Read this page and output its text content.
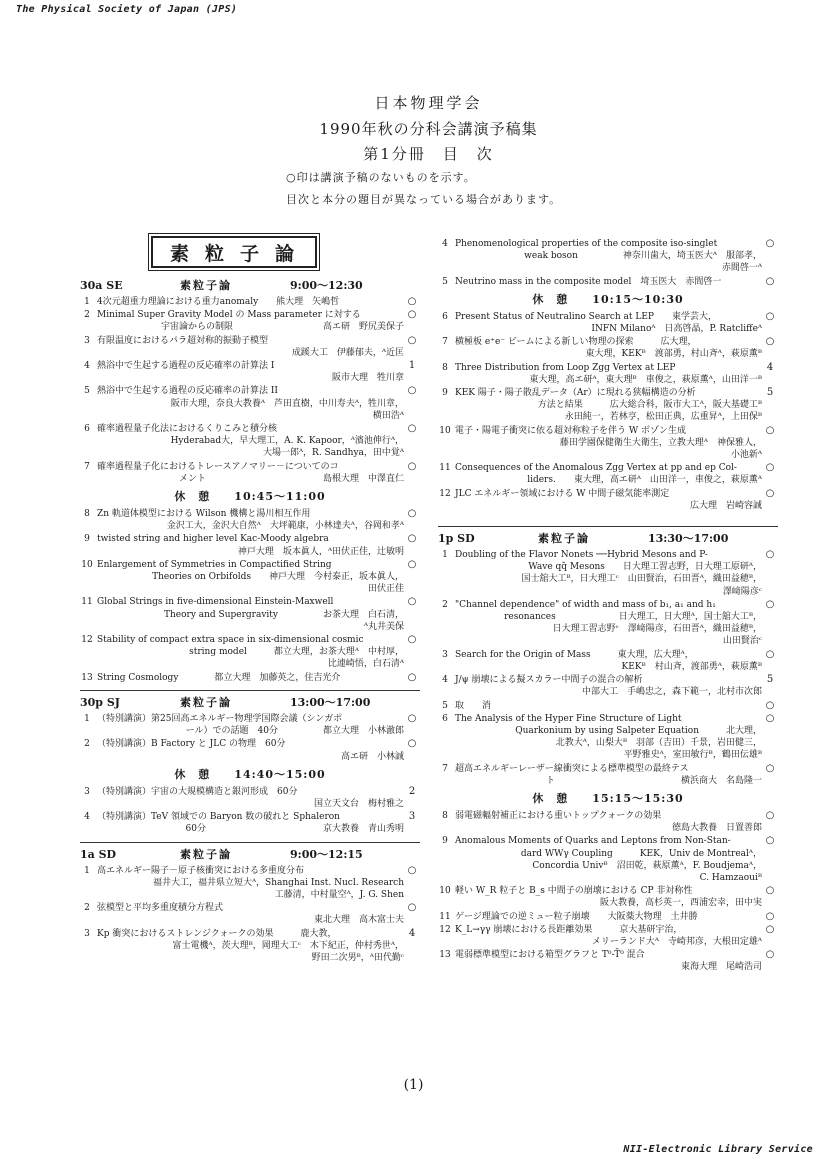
The Physical Society of Japan (JPS)
日本物理学会
1990年秋の分科会講演予稿集
第1分冊　目　次
○印は講演予稿のないものを示す。
目次と本分の題目が異なっている場合があります。
素粒子論
30a SE	素粒子論	9:00〜12:30
1 4次元超重力理論における重力anomaly　　熊大理　矢嶋哲	○
2 Minimal Super Gravity Model の Mass parameter に対する
宇宙論からの制限　　　　　　　　　　高エ研　野尻美保子
○
3 有限温度におけるパラ超対称的振動子模型
成蹊大工　伊藤郁夫，ᴬ近匡
○
4 熱浴中で生起する過程の反応確率の計算法 I
阪市大理　牲川章
1
5 熱浴中で生起する過程の反応確率の計算法 II
阪市大理，奈良大教養ᴬ　芦田直樹，中川寿夫ᴬ，牲川章，
横田浩ᴬ
○
6 確率過程量子化法におけるくりこみと積分核
Hyderabad大，早大理工，A. K. Kapoor，ᴬ濱池伸行ᴬ，
大場一郎ᴬ，R. Sandhya，田中覚ᴬ
○
7 確率過程量子化におけるトレースアノマリー－についてのコ
メント　　　　　　　　　　　　　島根大理　中澤直仁
○
休　憩　　10:45〜11:00
8 Zn 軌道体模型における Wilson 機構と湯川相互作用
金沢工大，金沢大自然ᴬ　大坪範康，小林達夫ᴬ，谷岡和孝ᴬ
○
9 twisted string and higher level Kac-Moody algebra
神戸大理　坂本眞人，ᴬ田伏正佳，辻敏明
○
10 Enlargement of Symmetries in Compactified String
Theories on Orbifolds　　神戸大理　今村泰正，坂本眞人，
田伏正佳
○
11 Global Strings in five-dimensional Einstein-Maxwell
Theory and Supergravity　　　　　お茶大理　白石清，
ᴬ丸井美保
○
12 Stability of compact extra space in six-dimensional cosmic
string model　　　都立大理，お茶大理ᴬ　中村厚，
比連崎悟，白石清ᴬ
○
13 String Cosmology　　　　都立大理　加藤英之，住吉光介	○
30p SJ	素粒子論	13:00〜17:00
1 （特別講演）第25回高エネルギー物理学国際会議（シンガポ
ール）での話題　40分　　　　　都立大理　小林澈郎
○
2 （特別講演）B Factory と JLC の物理　60分
高エ研　小林誠
○
休　憩　　14:40〜15:00
3 （特別講演）宇宙の大規模構造と銀河形成　60分
国立天文台　梅村雅之
2
4 （特別講演）TeV 領域での Baryon 数の破れと Sphaleron
60分　　　　　　　　　　　　　京大教養　青山秀明
3
1a SD	素粒子論	9:00〜12:15
1 高エネルギー陽子－原子核衝突における多重度分布
福井大工，福井県立短大ᴬ，Shanghai Inst. Nucl. Research
工藤清，中村量空ᴬ，J. G. Shen
○
2 弦模型と平均多重度積分方程式
東北大理　高木富士夫
○
3 Kp 衝突におけるストレンジクォークの効果　　　鹿大教，
富士電機ᴬ，茨大理ᴮ，岡理大工ᶜ　木下紀正，仲村秀世ᴬ，
野田二次男ᴮ，ᴬ田代勤ᶜ
4
4 Phenomenological properties of the composite iso-singlet
weak boson　　　　　神奈川歯大，埼玉医大ᴬ　服部孝，
赤間啓一ᴬ
○
5 Neutrino mass in the composite model　埼玉医大　赤間啓一	○
休　憩　　10:15〜10:30
6 Present Status of Neutralino Search at LEP　　東学芸大，
INFN Milanoᴬ　日高啓晶，P. Ratcliffeᴬ
○
7 横極板 e⁺e⁻ ビームによる新しい物理の探索　　　広大理，
東大理，KEKᴮ　渡部勇，村山斉ᴬ，萩原薫ᴮ
○
8 Three Distribution from Loop Zgg Vertex at LEP
東大理，高エ研ᴬ，東大理ᴮ　車俊之，萩原薫ᴬ，山田洋一ᴮ
4
9 KEK 陽子・陽子散乱データ（Ar）に現れる狭幅構造の分析
方法と結果　　　広大総合科，阪市大工ᴬ，阪大基礎工ᴮ
永田純一，若林亨，松田正典，広重昇ᴬ，上田保ᴮ
5
10 電子・陽電子衝突に依る超対称粒子を伴う W ボゾン生成
藤田学園保健衛生大衛生，立教大理ᴬ　神保雅人，
小池新ᴬ
○
11 Consequences of the Anomalous Zgg Vertex at pp and ep Col-
liders.　　東大理，高エ研ᴬ　山田洋一，車俊之，萩原薫ᴬ
○
12 JLC エネルギー領域における W 中間子磁気能率測定
広大理　岩崎容誠
○
1p SD	素粒子論	13:30〜17:00
1 Doubling of the Flavor Nonets ──Hybrid Mesons and P-
Wave qq̄ Mesons　　日大理工習志野，日大理工原研ᴬ，
国士舘大工ᴮ，日大理工ᶜ　山田賢治，石田晋ᴬ，織田益穂ᴮ，
澤﨑陽彦ᶜ
○
2 "Channel dependence" of width and mass of b₁, a₁ and h₁
resonances　　　　　　　日大理工，日大理ᴬ，国士舘大工ᴮ，
日大理工習志野ᶜ　澤﨑陽彦，石田晋ᴬ，織田益穂ᴮ，
山田賢治ᶜ
○
3 Search for the Origin of Mass　　　東大理，広大理ᴬ，
KEKᴮ　村山斉，渡部勇ᴬ，萩原薫ᴮ
○
4 J/ψ 崩壊による擬スカラー中間子の混合の解析
中部大工　手嶋忠之，森下範一，北村市次郎
5
5 取　　消	○
6 The Analysis of the Hyper Fine Structure of Light
Quarkonium by using Salpeter Equation　　　北大理，
北教大ᴬ，山梨大ᴮ　羽部（吉田）千景，岩田健三，
平野雅史ᴬ，室田敏行ᴮ，鶴田伝雄ᴮ
○
7 超高エネルギーレーザー線衝突による標準模型の最終テス
ト　　　　　　　　　　　　　　横浜商大　名島隆一
○
休　憩　　15:15〜15:30
8 弱電磁輻射補正における重いトップクォークの効果
徳島大教養　日置善郎
○
9 Anomalous Moments of Quarks and Leptons from Non-Stan-
dard WWγ Coupling　　　KEK，Univ de Montrealᴬ，
Concordia Univᴮ　沼田乾，萩原薫ᴬ，F. Boudjemaᴬ，
C. Hamzaouiᴮ
○
10 軽い W_R 粒子と B_s 中間子の崩壊における CP 非対称性
阪大教養，高杉英一，西浦宏幸，田中実
○
11 ゲージ理論での逆ミュー粒子崩壊　　大阪薬大物理　土井勝	○
12 K_L→γγ 崩壊における長距離効果　　　京大基研宇治，
メリーランド大ᴬ　寺崎邦彦，大根田定雄ᴬ
○
13 電弱標準模型における箱型グラフと T⁰-T̄⁰ 混合
東海大理　尾崎浩司
○
(1)
NII-Electronic Library Service
